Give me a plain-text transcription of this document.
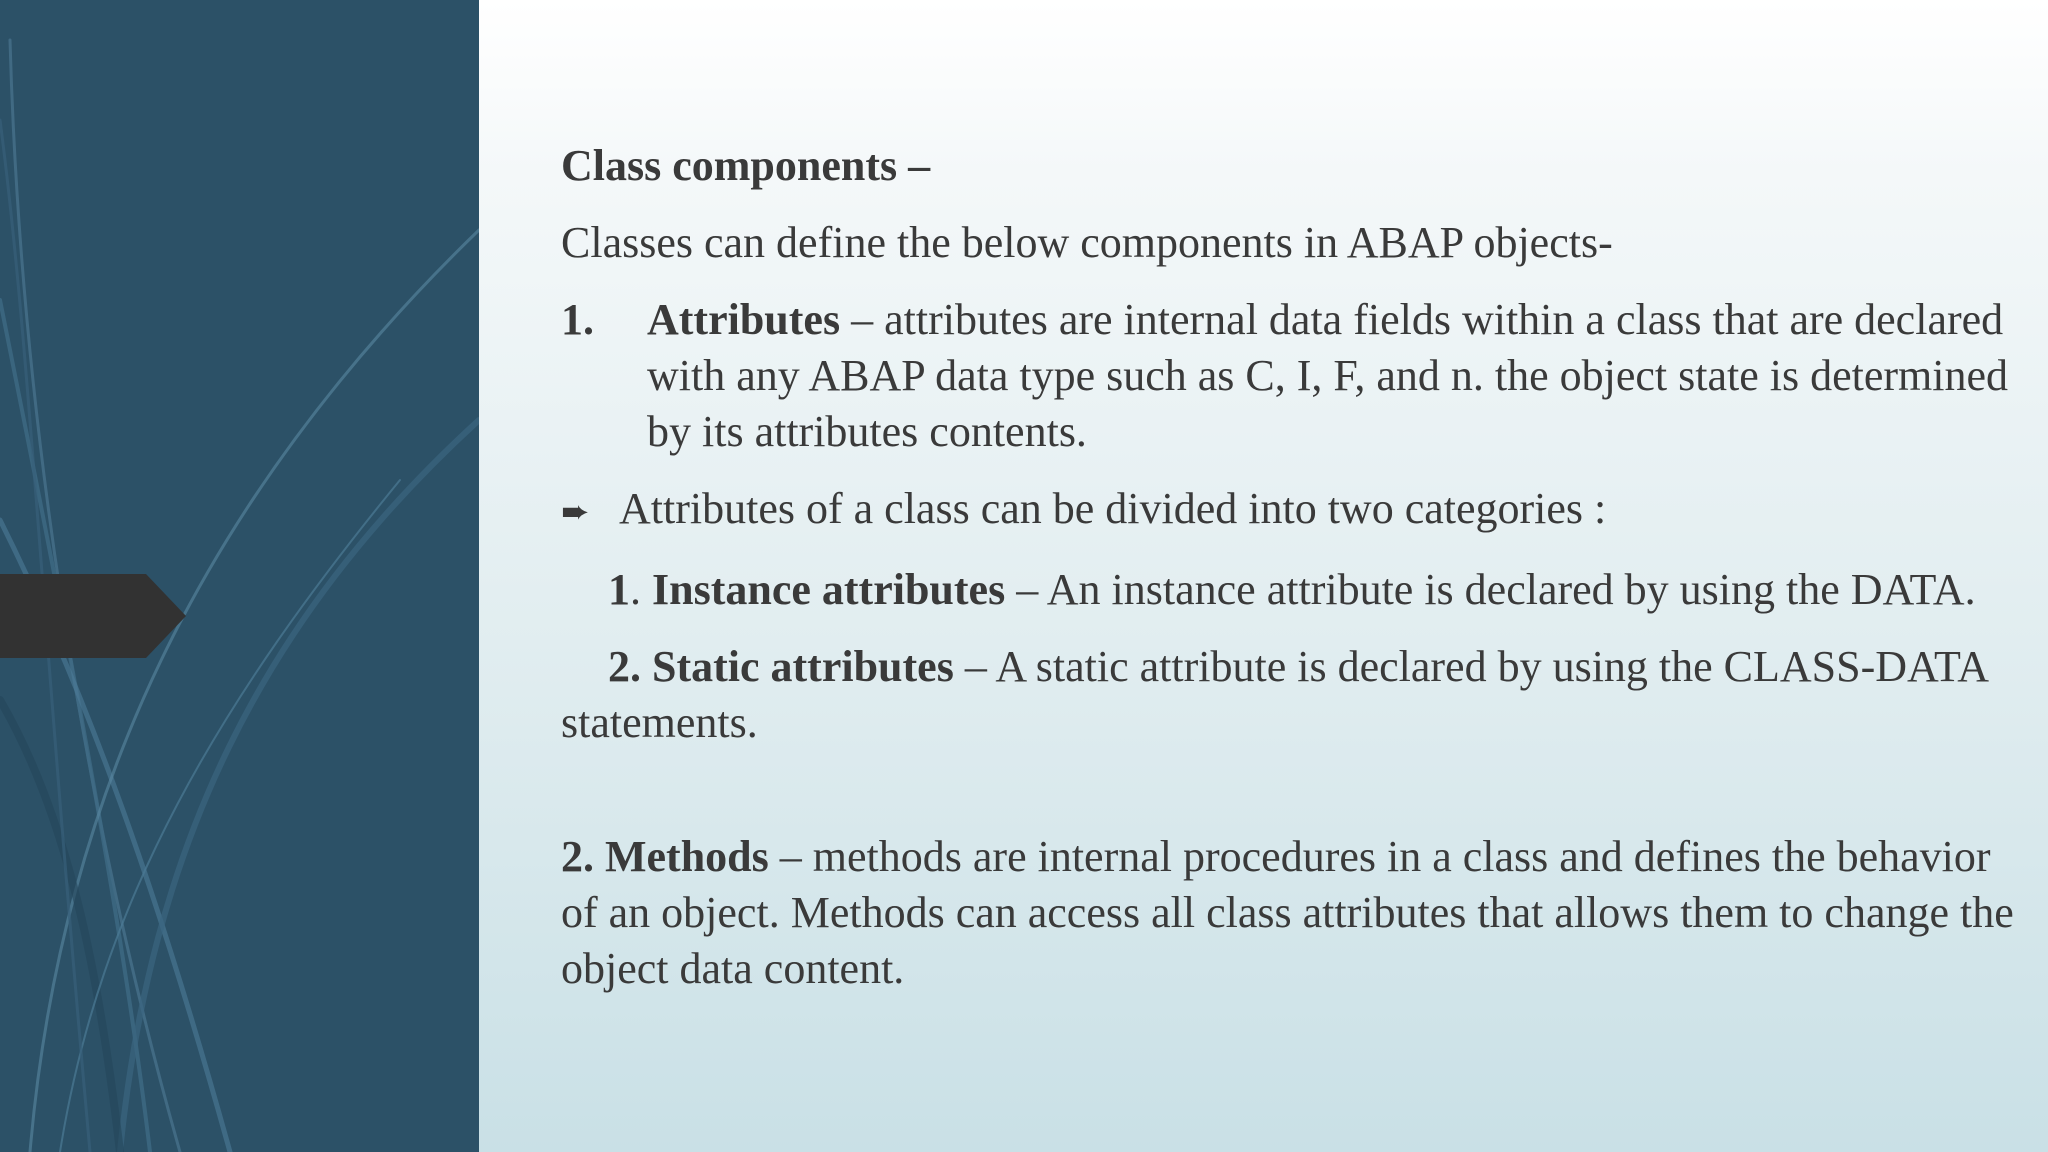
Class components –

Classes can define the below components in ABAP objects-

1.	Attributes – attributes are internal data fields within a class that are declared with any ABAP data type such as C, I, F, and n. the object state is determined by its attributes contents.
➨ Attributes of a class can be divided into two categories :

1. Instance attributes – An instance attribute is declared by using the DATA.

2. Static attributes – A static attribute is declared by using the CLASS-DATA statements.

2. Methods – methods are internal procedures in a class and defines the behavior of an object. Methods can access all class attributes that allows them to change the object data content.
